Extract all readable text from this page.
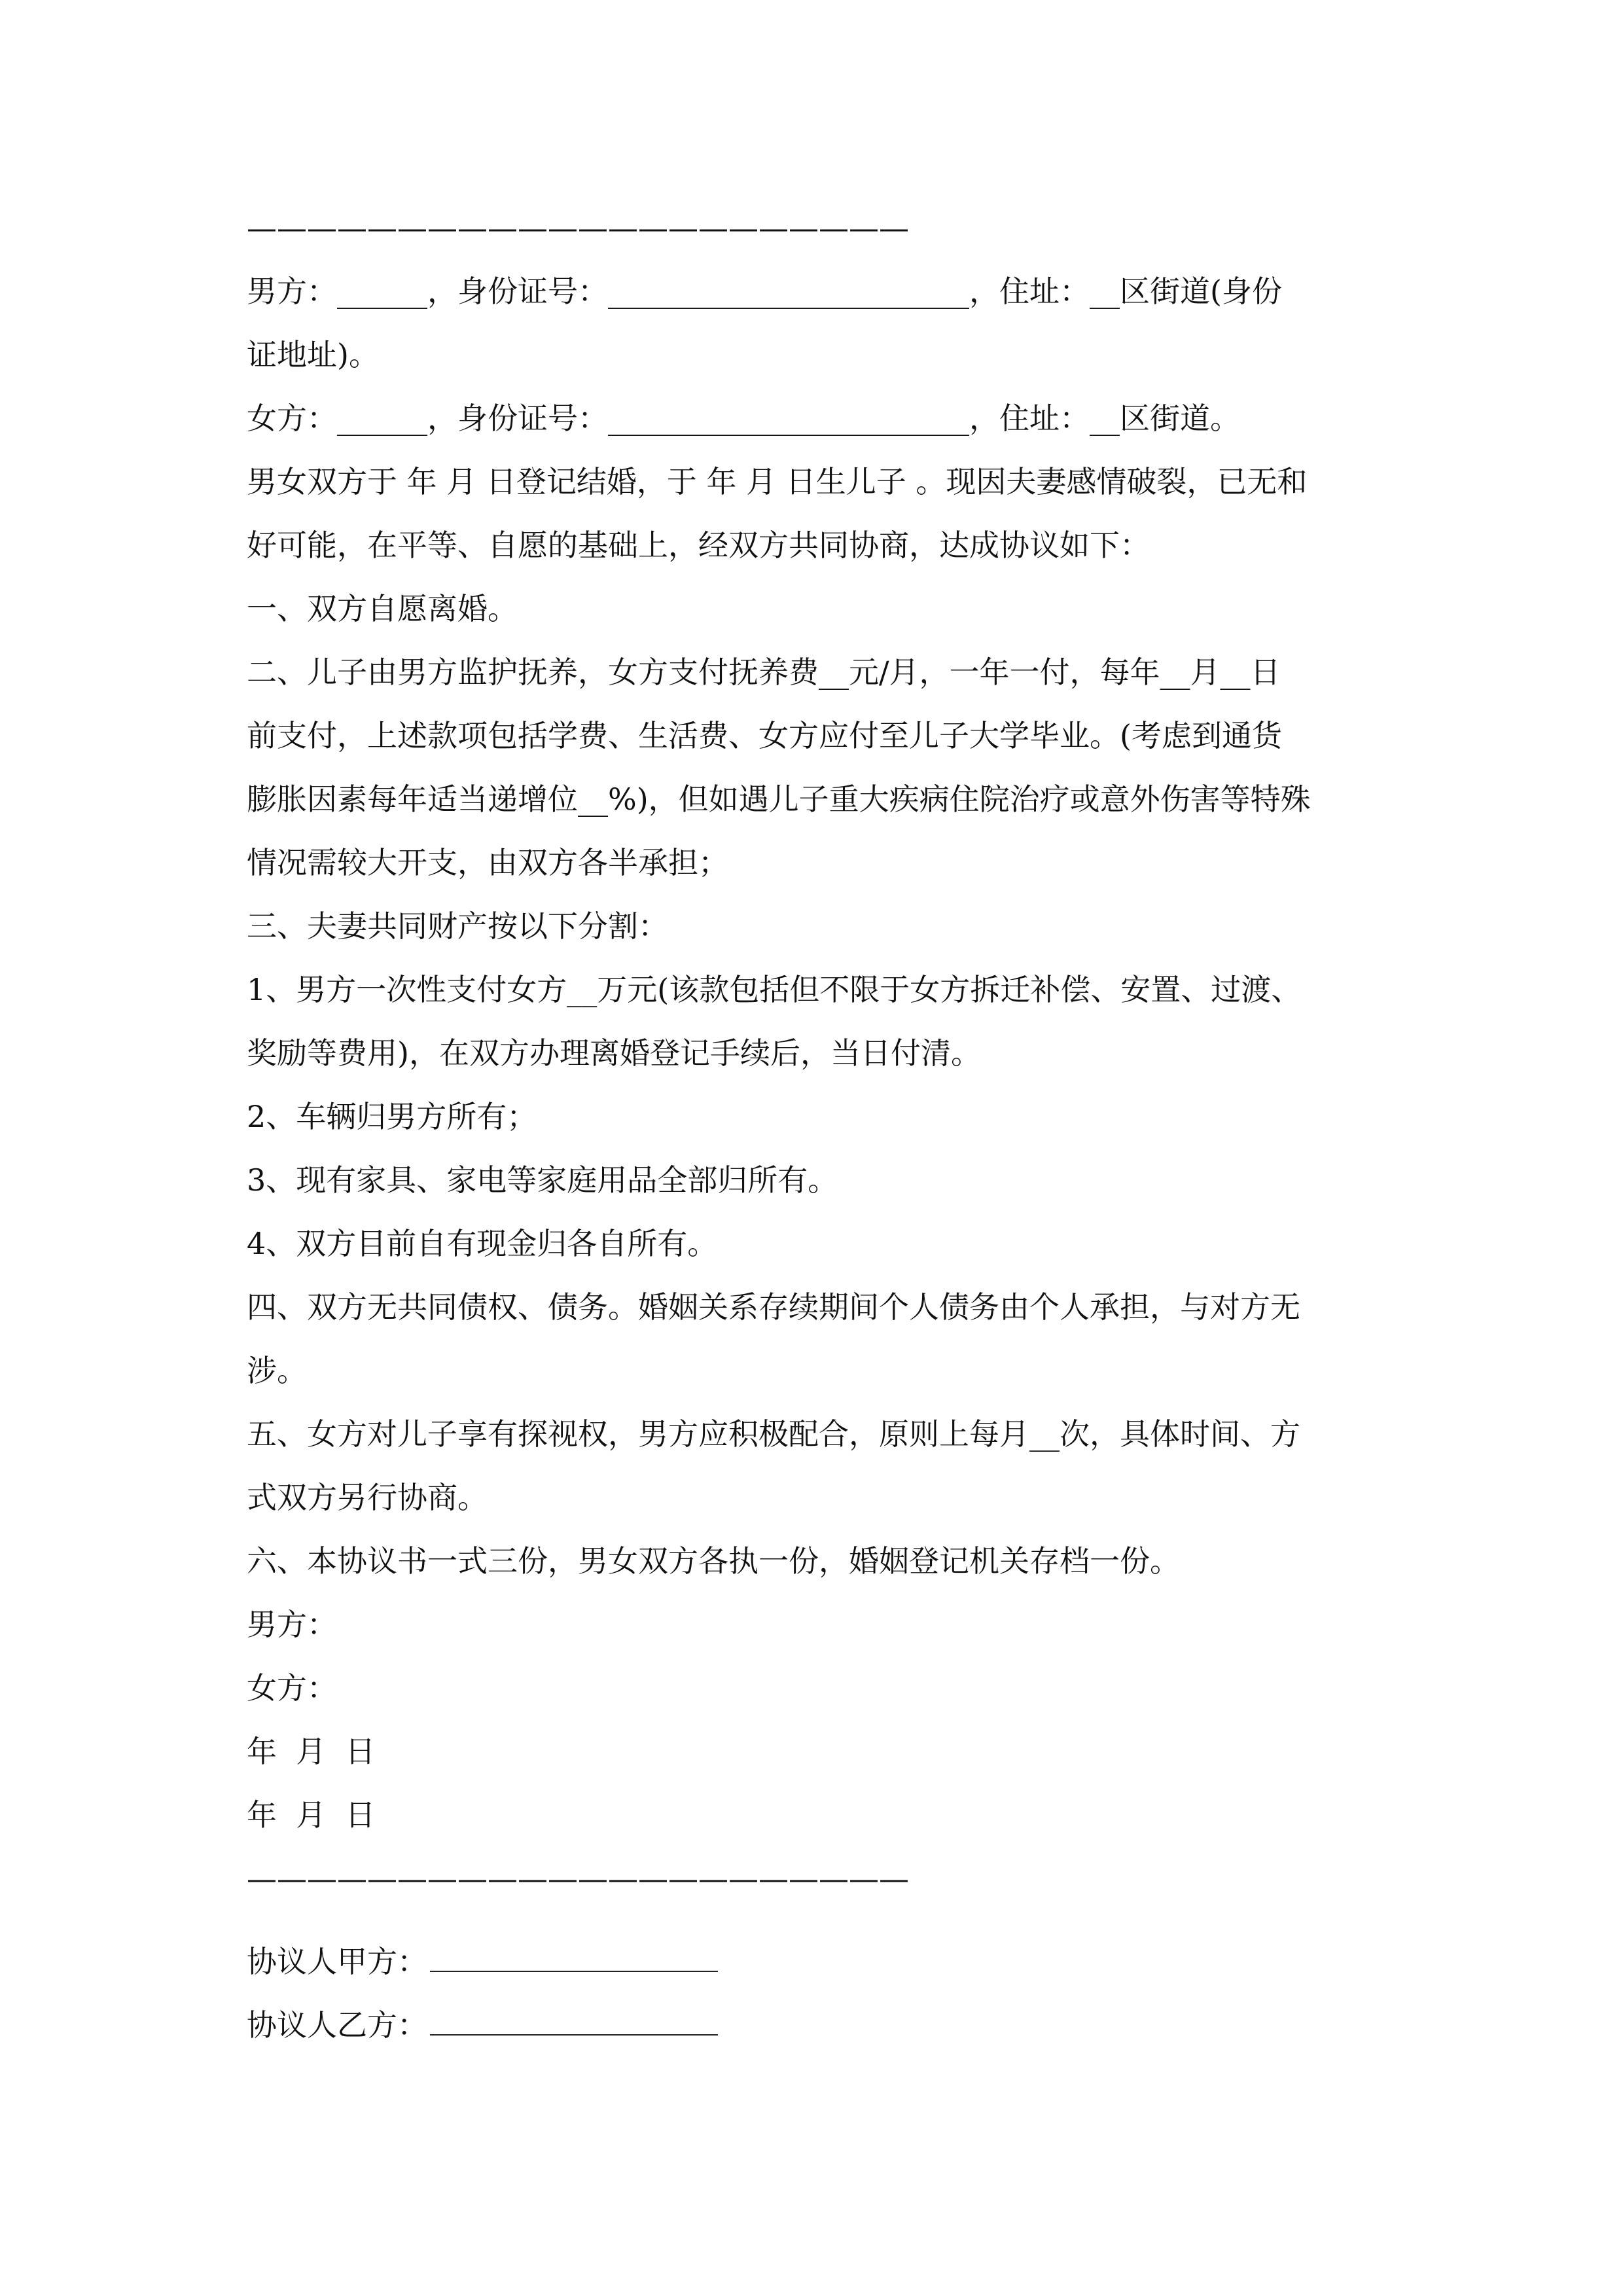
——————————————————————

男方：______，身份证号：________________________，住址：__区街道(身份

证地址)。

女方：______，身份证号：________________________，住址：__区街道。

男女双方于 年 月 日登记结婚，于 年 月 日生儿子 。现因夫妻感情破裂，已无和

好可能，在平等、自愿的基础上，经双方共同协商，达成协议如下：

一、双方自愿离婚。

二、儿子由男方监护抚养，女方支付抚养费__元/月，一年一付，每年__月__日

前支付，上述款项包括学费、生活费、女方应付至儿子大学毕业。(考虑到通货

膨胀因素每年适当递增位__%)，但如遇儿子重大疾病住院治疗或意外伤害等特殊

情况需较大开支，由双方各半承担；

三、夫妻共同财产按以下分割：

1、男方一次性支付女方__万元(该款包括但不限于女方拆迁补偿、安置、过渡、

奖励等费用)，在双方办理离婚登记手续后，当日付清。

2、车辆归男方所有；

3、现有家具、家电等家庭用品全部归所有。

4、双方目前自有现金归各自所有。

四、双方无共同债权、债务。婚姻关系存续期间个人债务由个人承担，与对方无

涉。

五、女方对儿子享有探视权，男方应积极配合，原则上每月__次，具体时间、方

式双方另行协商。

六、本协议书一式三份，男女双方各执一份，婚姻登记机关存档一份。

男方：

女方：

年  月  日

年  月  日

——————————————————————

协议人甲方：

协议人乙方：
